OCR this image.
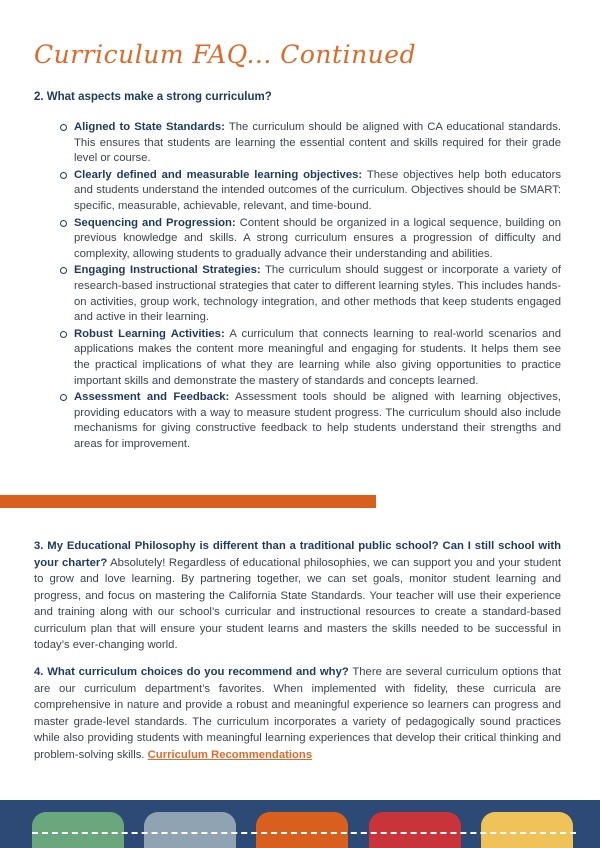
Curriculum FAQ... Continued
2. What aspects make a strong curriculum?
Aligned to State Standards: The curriculum should be aligned with CA educational standards. This ensures that students are learning the essential content and skills required for their grade level or course.
Clearly defined and measurable learning objectives: These objectives help both educators and students understand the intended outcomes of the curriculum. Objectives should be SMART: specific, measurable, achievable, relevant, and time-bound.
Sequencing and Progression: Content should be organized in a logical sequence, building on previous knowledge and skills. A strong curriculum ensures a progression of difficulty and complexity, allowing students to gradually advance their understanding and abilities.
Engaging Instructional Strategies: The curriculum should suggest or incorporate a variety of research-based instructional strategies that cater to different learning styles. This includes hands-on activities, group work, technology integration, and other methods that keep students engaged and active in their learning.
Robust Learning Activities: A curriculum that connects learning to real-world scenarios and applications makes the content more meaningful and engaging for students. It helps them see the practical implications of what they are learning while also giving opportunities to practice important skills and demonstrate the mastery of standards and concepts learned.
Assessment and Feedback: Assessment tools should be aligned with learning objectives, providing educators with a way to measure student progress. The curriculum should also include mechanisms for giving constructive feedback to help students understand their strengths and areas for improvement.
3. My Educational Philosophy is different than a traditional public school? Can I still school with your charter? Absolutely! Regardless of educational philosophies, we can support you and your student to grow and love learning. By partnering together, we can set goals, monitor student learning and progress, and focus on mastering the California State Standards. Your teacher will use their experience and training along with our school’s curricular and instructional resources to create a standard-based curriculum plan that will ensure your student learns and masters the skills needed to be successful in today’s ever-changing world.
4. What curriculum choices do you recommend and why? There are several curriculum options that are our curriculum department’s favorites. When implemented with fidelity, these curricula are comprehensive in nature and provide a robust and meaningful experience so learners can progress and master grade-level standards. The curriculum incorporates a variety of pedagogically sound practices while also providing students with meaningful learning experiences that develop their critical thinking and problem-solving skills. Curriculum Recommendations
